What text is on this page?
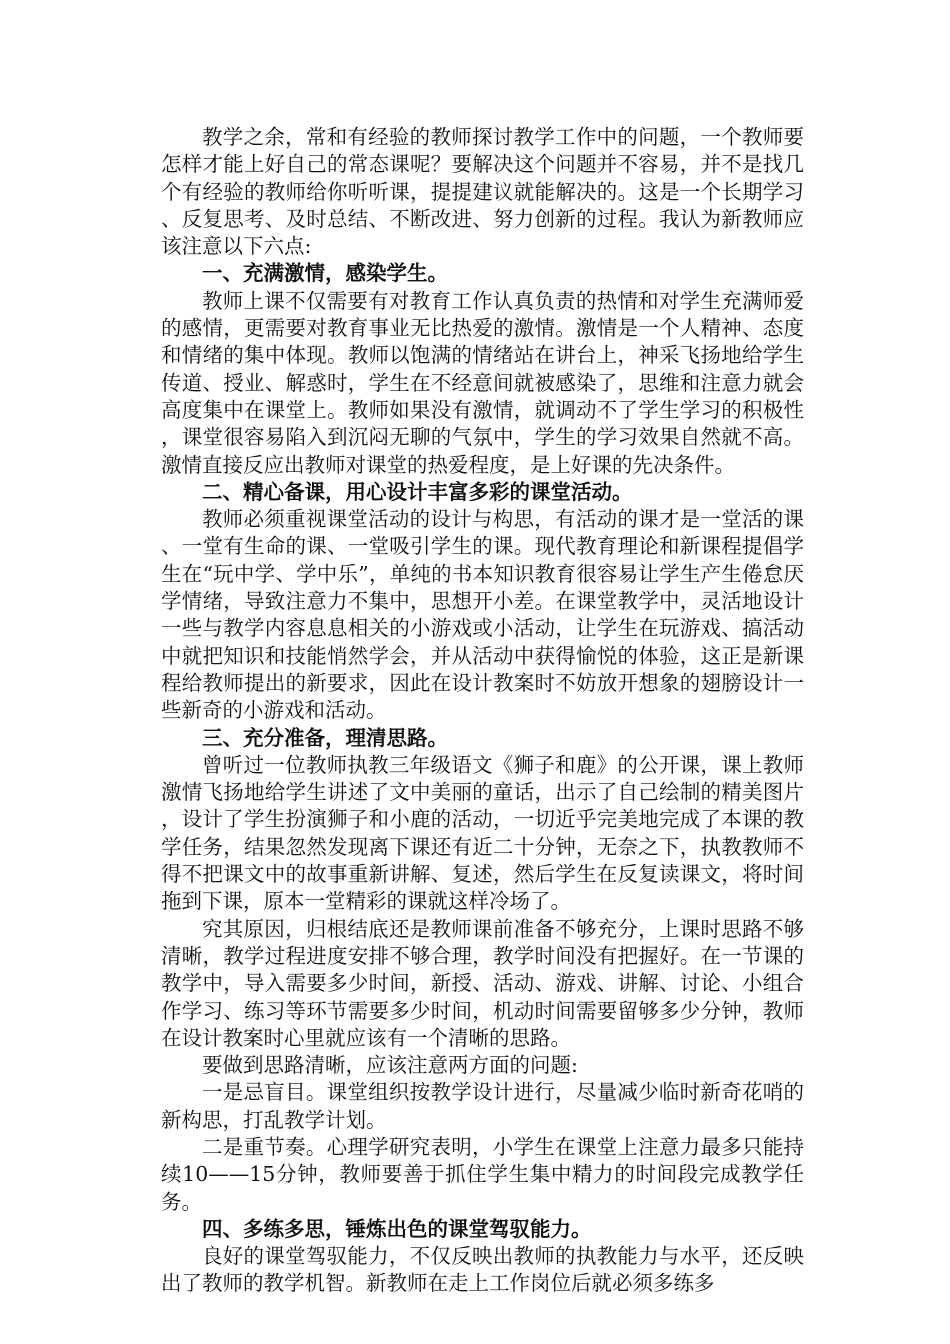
教学之余，常和有经验的教师探讨教学工作中的问题，一个教师要怎样才能上好自己的常态课呢？要解决这个问题并不容易，并不是找几个有经验的教师给你听听课，提提建议就能解决的。这是一个长期学习、反复思考、及时总结、不断改进、努力创新的过程。我认为新教师应该注意以下六点:

一、充满激情，感染学生。

教师上课不仅需要有对教育工作认真负责的热情和对学生充满师爱的感情，更需要对教育事业无比热爱的激情。激情是一个人精神、态度和情绪的集中体现。教师以饱满的情绪站在讲台上，神采飞扬地给学生传道、授业、解惑时，学生在不经意间就被感染了，思维和注意力就会高度集中在课堂上。教师如果没有激情，就调动不了学生学习的积极性，课堂很容易陷入到沉闷无聊的气氛中，学生的学习效果自然就不高。激情直接反应出教师对课堂的热爱程度，是上好课的先决条件。

二、精心备课，用心设计丰富多彩的课堂活动。

教师必须重视课堂活动的设计与构思，有活动的课才是一堂活的课、一堂有生命的课、一堂吸引学生的课。现代教育理论和新课程提倡学生在“玩中学、学中乐”，单纯的书本知识教育很容易让学生产生倦怠厌学情绪，导致注意力不集中，思想开小差。在课堂教学中，灵活地设计一些与教学内容息息相关的小游戏或小活动，让学生在玩游戏、搞活动中就把知识和技能悄然学会，并从活动中获得愉悦的体验，这正是新课程给教师提出的新要求，因此在设计教案时不妨放开想象的翅膀设计一些新奇的小游戏和活动。

三、充分准备，理清思路。

曾听过一位教师执教三年级语文《狮子和鹿》的公开课，课上教师激情飞扬地给学生讲述了文中美丽的童话，出示了自己绘制的精美图片，设计了学生扮演狮子和小鹿的活动，一切近乎完美地完成了本课的教学任务，结果忽然发现离下课还有近二十分钟，无奈之下，执教教师不得不把课文中的故事重新讲解、复述，然后学生在反复读课文，将时间拖到下课，原本一堂精彩的课就这样冷场了。

究其原因，归根结底还是教师课前准备不够充分，上课时思路不够清晰，教学过程进度安排不够合理，教学时间没有把握好。在一节课的教学中，导入需要多少时间，新授、活动、游戏、讲解、讨论、小组合作学习、练习等环节需要多少时间，机动时间需要留够多少分钟，教师在设计教案时心里就应该有一个清晰的思路。

要做到思路清晰，应该注意两方面的问题:

一是忌盲目。课堂组织按教学设计进行，尽量减少临时新奇花哨的新构思，打乱教学计划。

二是重节奏。心理学研究表明，小学生在课堂上注意力最多只能持续10——15分钟，教师要善于抓住学生集中精力的时间段完成教学任务。

四、多练多思，锤炼出色的课堂驾驭能力。

良好的课堂驾驭能力，不仅反映出教师的执教能力与水平，还反映出了教师的教学机智。新教师在走上工作岗位后就必须多练多
